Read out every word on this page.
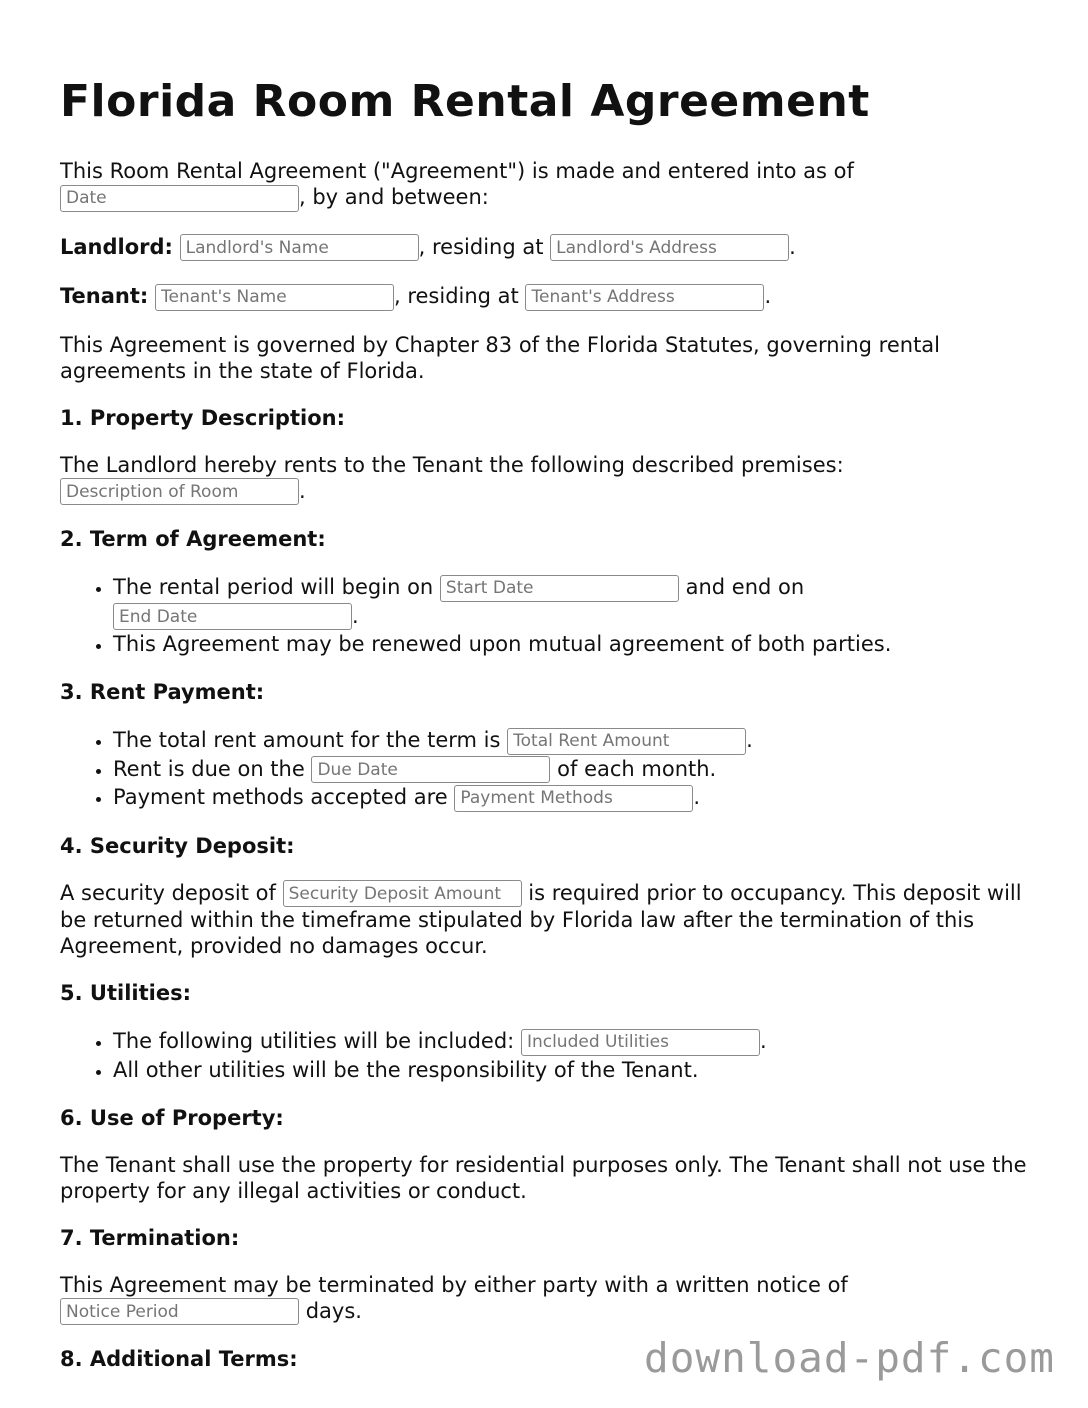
Florida Room Rental Agreement

This Room Rental Agreement ("Agreement") is made and entered into as of
Date, by and between:

Landlord: Landlord's Name	, residing at Landlord's Address	.

Tenant: Tenant's Name	, residing at Tenant's Address	.

This Agreement is governed by Chapter 83 of the Florida Statutes, governing rental agreements in the state of Florida.

1. Property Description:

The Landlord hereby rents to the Tenant the following described premises:
Description of Room.

2. Term of Agreement:
• The rental period will begin on Start Date	and end on
End Date.
• This Agreement may be renewed upon mutual agreement of both parties.
3. Rent Payment:
• The total rent amount for the term is Total Rent Amount	.
• Rent is due on the Due Date	of each month.
• Payment methods accepted are Payment Methods	.
4. Security Deposit:

A security deposit of Security Deposit Amount	is required prior to occupancy. This deposit will be returned within the timeframe stipulated by Florida law after the termination of this Agreement, provided no damages occur.

5. Utilities:
• The following utilities will be included: Included Utilities	.
• All other utilities will be the responsibility of the Tenant.
6. Use of Property:

The Tenant shall use the property for residential purposes only. The Tenant shall not use the property for any illegal activities or conduct.

7. Termination:

This Agreement may be terminated by either party with a written notice of
Notice Period days.

8. Additional Terms:	download-pdf.com
